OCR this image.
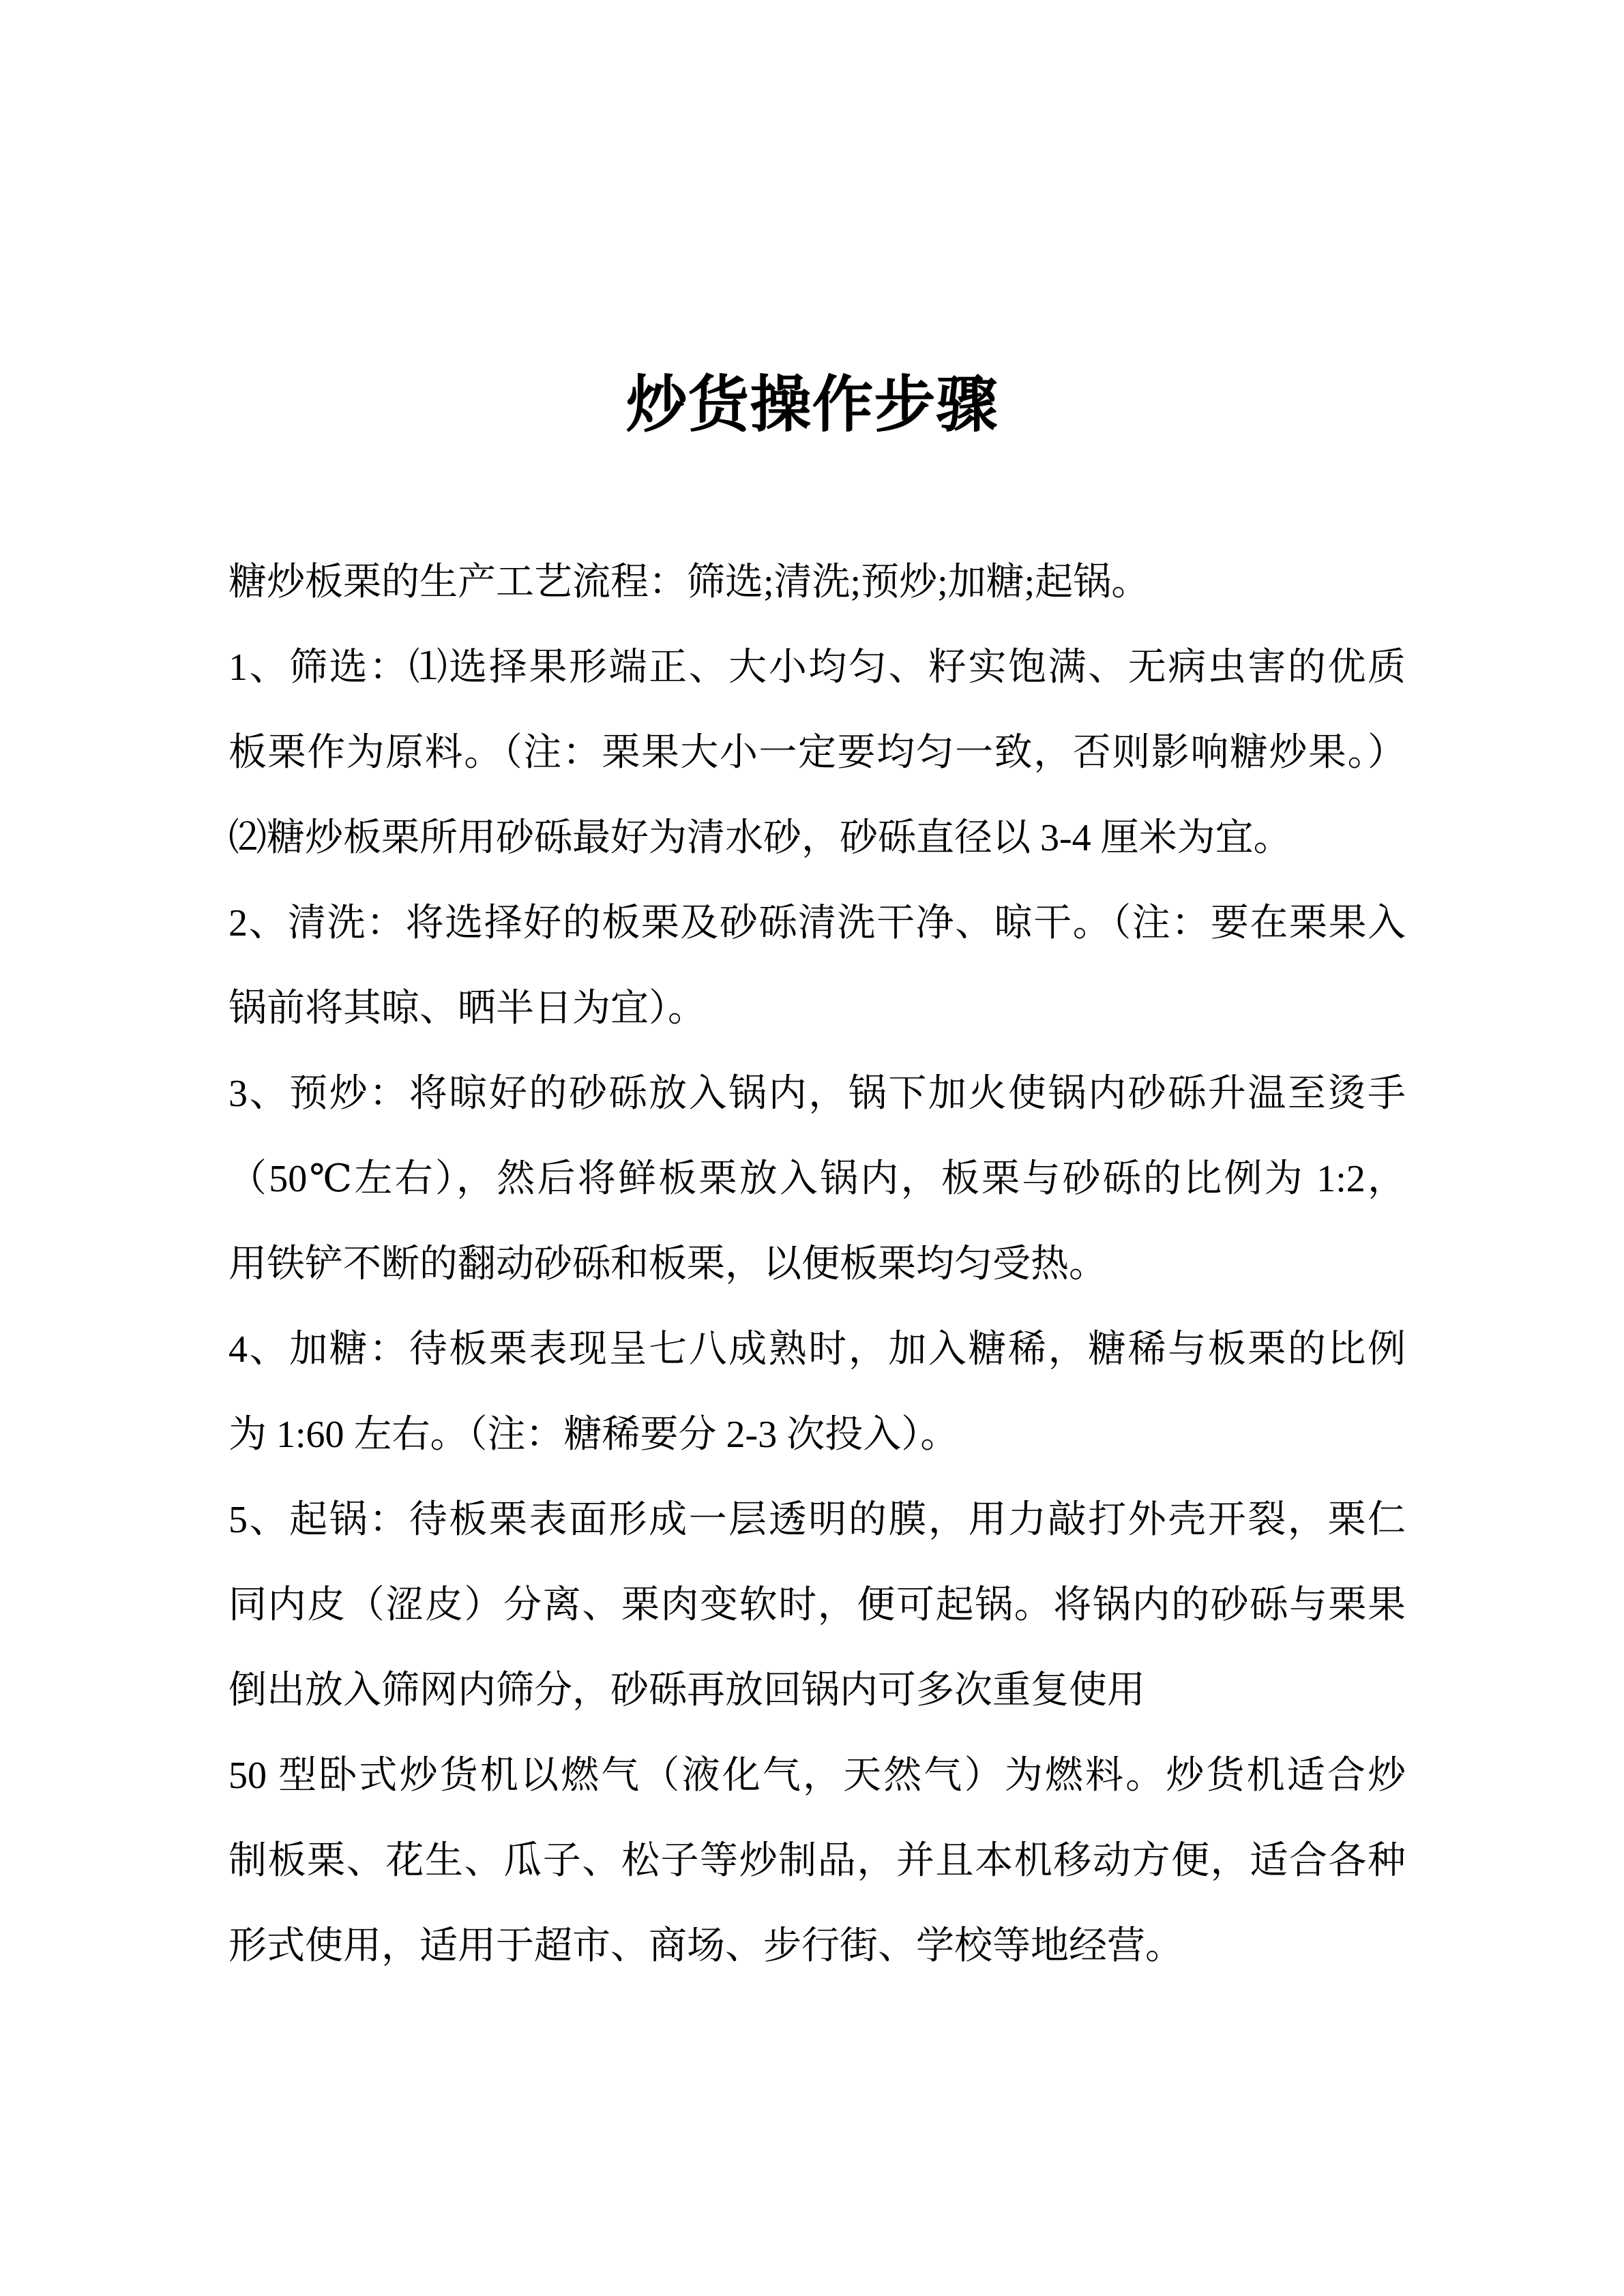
炒货操作步骤
糖炒板栗的生产工艺流程：筛选;清洗;预炒;加糖;起锅。
1、筛选：⑴选择果形端正、大小均匀、籽实饱满、无病虫害的优质
板栗作为原料。（注：栗果大小一定要均匀一致，否则影响糖炒果。）
⑵糖炒板栗所用砂砾最好为清水砂，砂砾直径以 3-4 厘米为宜。
2、清洗：将选择好的板栗及砂砾清洗干净、晾干。（注：要在栗果入
锅前将其晾、晒半日为宜）。
3、预炒：将晾好的砂砾放入锅内，锅下加火使锅内砂砾升温至烫手
（50℃左右），然后将鲜板栗放入锅内，板栗与砂砾的比例为 1:2，
用铁铲不断的翻动砂砾和板栗，以便板栗均匀受热。
4、加糖：待板栗表现呈七八成熟时，加入糖稀，糖稀与板栗的比例
为 1:60 左右。（注：糖稀要分 2-3 次投入）。
5、起锅：待板栗表面形成一层透明的膜，用力敲打外壳开裂，栗仁
同内皮（涩皮）分离、栗肉变软时，便可起锅。将锅内的砂砾与栗果
倒出放入筛网内筛分，砂砾再放回锅内可多次重复使用
50 型卧式炒货机以燃气（液化气，天然气）为燃料。炒货机适合炒
制板栗、花生、瓜子、松子等炒制品，并且本机移动方便，适合各种
形式使用，适用于超市、商场、步行街、学校等地经营。
